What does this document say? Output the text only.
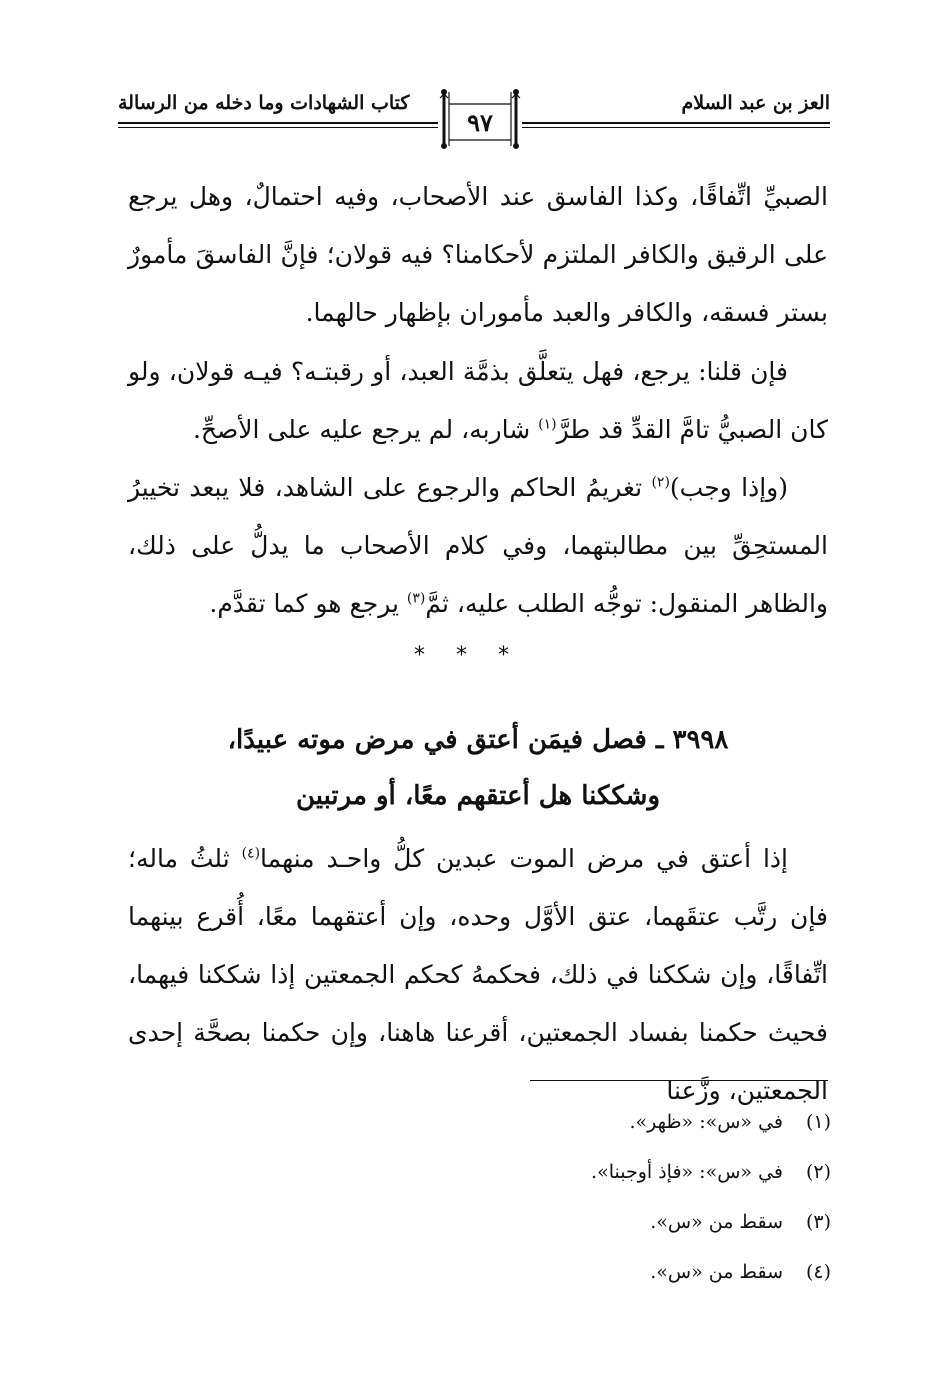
العز بن عبد السلام
كتاب الشهادات وما دخله من الرسالة
٩٧

الصبيِّ اتِّفاقًا، وكذا الفاسق عند الأصحاب، وفيه احتمالٌ، وهل يرجع على الرقيق والكافر الملتزم لأحكامنا؟ فيه قولان؛ فإنَّ الفاسقَ مأمورٌ بستر فسقه، والكافر والعبد مأموران بإظهار حالهما.

فإن قلنا: يرجع، فهل يتعلَّق بذمَّة العبد، أو رقبتـه؟ فيـه قولان، ولو كان الصبيُّ تامَّ القدِّ قد طرَّ$^{(١)}$ شاربه، لم يرجع عليه على الأصحِّ.

(وإذا وجب)$^{(٢)}$ تغريمُ الحاكم والرجوع على الشاهد، فلا يبعد تخييرُ المستحِقِّ بين مطالبتهما، وفي كلام الأصحاب ما يدلُّ على ذلك، والظاهر المنقول: توجُّه الطلب عليه، ثمَّ$^{(٣)}$ يرجع هو كما تقدَّم.

* * *
٣٩٩٨ ـ فصل فيمَن أعتق في مرض موته عبيدًا،
وشككنا هل أعتقهم معًا، أو مرتبين

إذا أعتق في مرض الموت عبدين كلُّ واحـد منهما$^{(٤)}$ ثلثُ ماله؛ فإن رتَّب عتقَهما، عتق الأوَّل وحده، وإن أعتقهما معًا، أُقرع بينهما اتِّفاقًا، وإن شككنا في ذلك، فحكمهُ كحكم الجمعتين إذا شككنا فيهما، فحيث حكمنا بفساد الجمعتين، أقرعنا هاهنا، وإن حكمنا بصحَّة إحدى الجمعتين، وزَّعنا

(١)
في «س»: «ظهر».
(٢)
في «س»: «فإذ أوجبنا».
(٣)
سقط من «س».
(٤)
سقط من «س».
